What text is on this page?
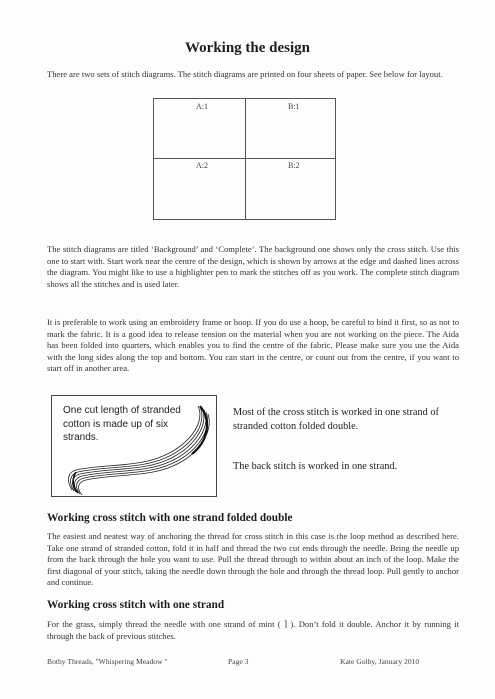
Working the design

There are two sets of stitch diagrams. The stitch diagrams are printed on four sheets of paper. See below for layout.

A:1	B:1
A:2	B:2

The stitch diagrams are titled ‘Background’ and ‘Complete’. The background one shows only the cross stitch. Use this one to start with. Start work near the centre of the design, which is shown by arrows at the edge and dashed lines across the diagram. You might like to use a highlighter pen to mark the stitches off as you work. The complete stitch diagram shows all the stitches and is used later.

It is preferable to work using an embroidery frame or hoop. If you do use a hoop, be careful to bind it first, so as not to mark the fabric. It is a good idea to release tension on the material when you are not working on the piece. The Aida has been folded into quarters, which enables you to find the centre of the fabric. Please make sure you use the Aida with the long sides along the top and bottom. You can start in the centre, or count out from the centre, if you want to start off in another area.

One cut length of stranded cotton is made up of six strands.
Most of the cross stitch is worked in one strand of stranded cotton folded double.
The back stitch is worked in one strand.
Working cross stitch with one strand folded double

The easiest and neatest way of anchoring the thread for cross stitch in this case is the loop method as described here. Take one strand of stranded cotton, fold it in half and thread the two cut ends through the needle. Bring the needle up from the back through the hole you want to use. Pull the thread through to within about an inch of the loop. Make the first diagonal of your stitch, taking the needle down through the hole and through the thread loop. Pull gently to anchor and continue.

Working cross stitch with one strand

For the grass, simply thread the needle with one strand of mint ( ⌉ ). Don’t fold it double. Anchor it by running it through the back of previous stitches.

Bothy Threads, "Whispering Meadow "	Page 3	Kate Golby, January 2010
